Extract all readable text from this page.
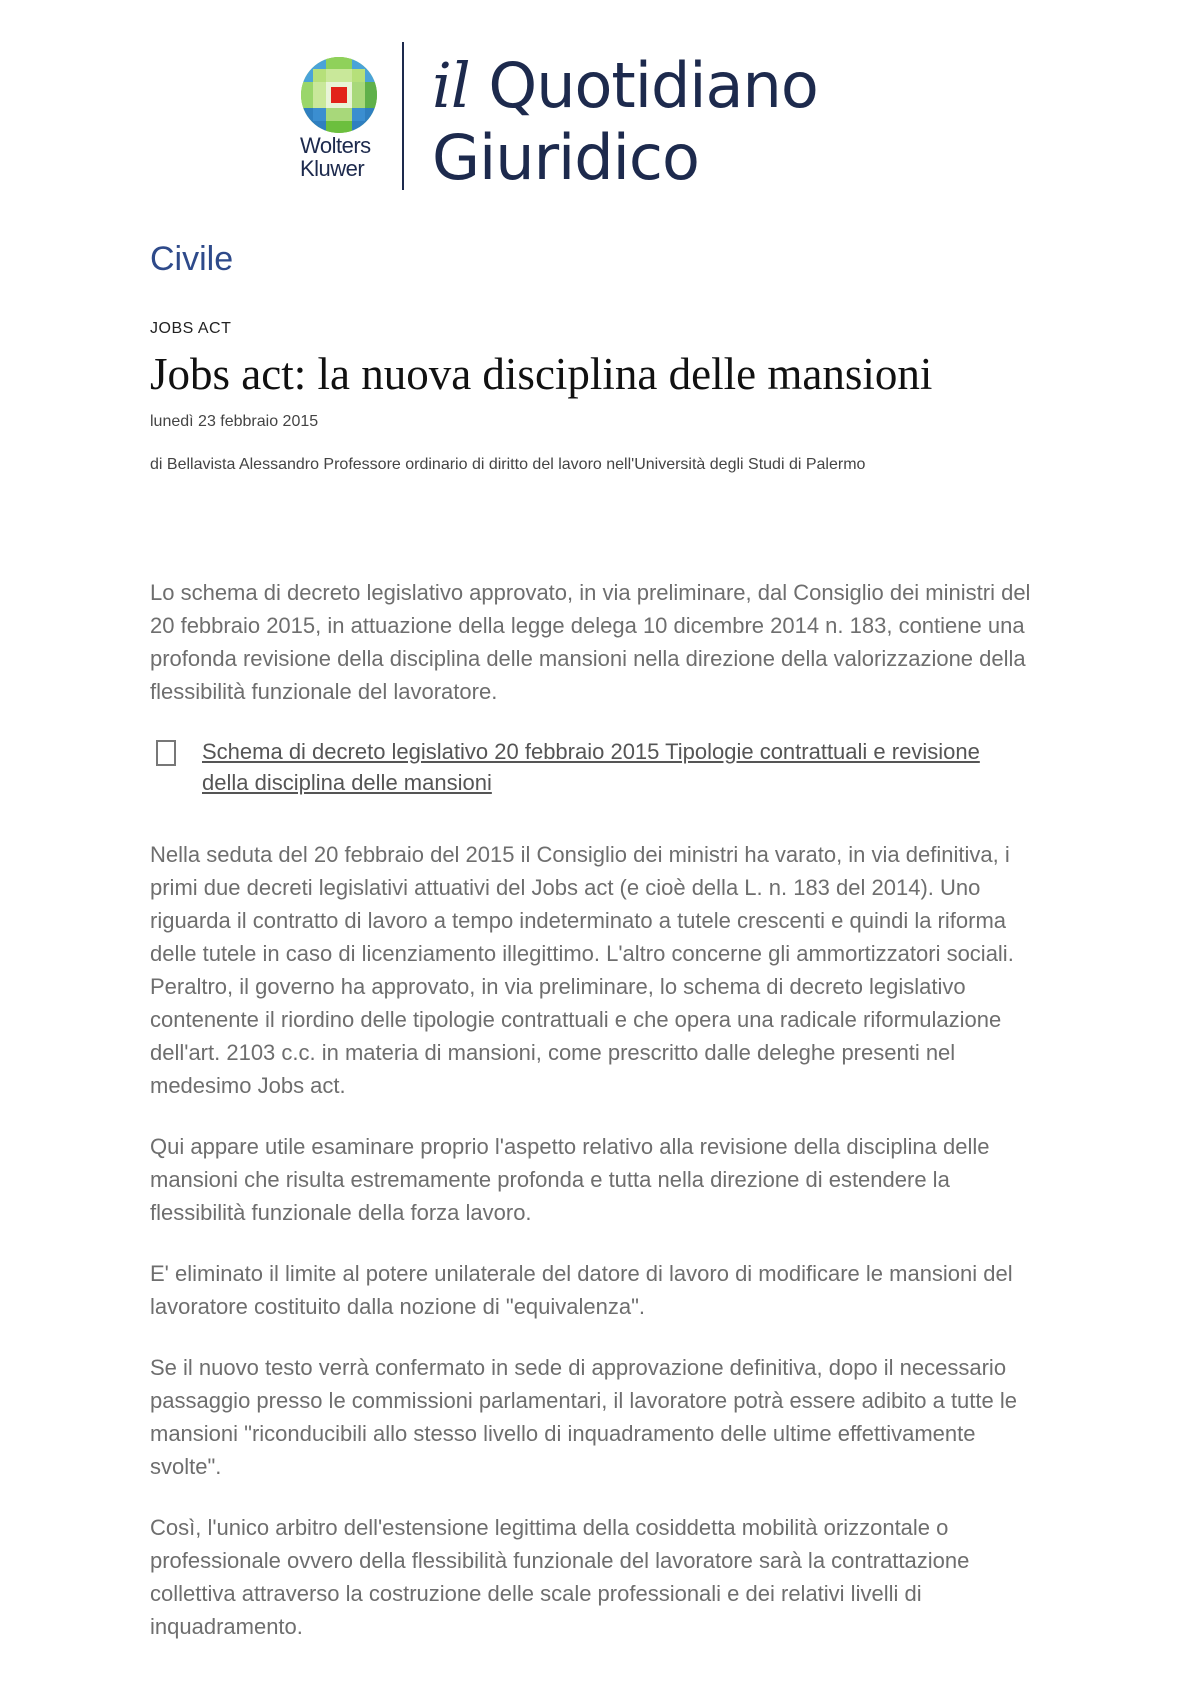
Wolters
Kluwer
il Quotidiano
Giuridico
Civile
JOBS ACT
Jobs act: la nuova disciplina delle mansioni
lunedì 23 febbraio 2015
di Bellavista Alessandro Professore ordinario di diritto del lavoro nell'Università degli Studi di Palermo

Lo schema di decreto legislativo approvato, in via preliminare, dal Consiglio dei ministri del 20 febbraio 2015, in attuazione della legge delega 10 dicembre 2014 n. 183, contiene una profonda revisione della disciplina delle mansioni nella direzione della valorizzazione della flessibilità funzionale del lavoratore.

Schema di decreto legislativo 20 febbraio 2015 Tipologie contrattuali e revisione della disciplina delle mansioni

Nella seduta del 20 febbraio del 2015 il Consiglio dei ministri ha varato, in via definitiva, i primi due decreti legislativi attuativi del Jobs act (e cioè della L. n. 183 del 2014). Uno riguarda il contratto di lavoro a tempo indeterminato a tutele crescenti e quindi la riforma delle tutele in caso di licenziamento illegittimo. L'altro concerne gli ammortizzatori sociali. Peraltro, il governo ha approvato, in via preliminare, lo schema di decreto legislativo contenente il riordino delle tipologie contrattuali e che opera una radicale riformulazione dell'art. 2103 c.c. in materia di mansioni, come prescritto dalle deleghe presenti nel medesimo Jobs act.

Qui appare utile esaminare proprio l'aspetto relativo alla revisione della disciplina delle mansioni che risulta estremamente profonda e tutta nella direzione di estendere la flessibilità funzionale della forza lavoro.

E' eliminato il limite al potere unilaterale del datore di lavoro di modificare le mansioni del lavoratore costituito dalla nozione di "equivalenza".

Se il nuovo testo verrà confermato in sede di approvazione definitiva, dopo il necessario passaggio presso le commissioni parlamentari, il lavoratore potrà essere adibito a tutte le mansioni "riconducibili allo stesso livello di inquadramento delle ultime effettivamente svolte".

Così, l'unico arbitro dell'estensione legittima della cosiddetta mobilità orizzontale o professionale ovvero della flessibilità funzionale del lavoratore sarà la contrattazione collettiva attraverso la costruzione delle scale professionali e dei relativi livelli di inquadramento.
